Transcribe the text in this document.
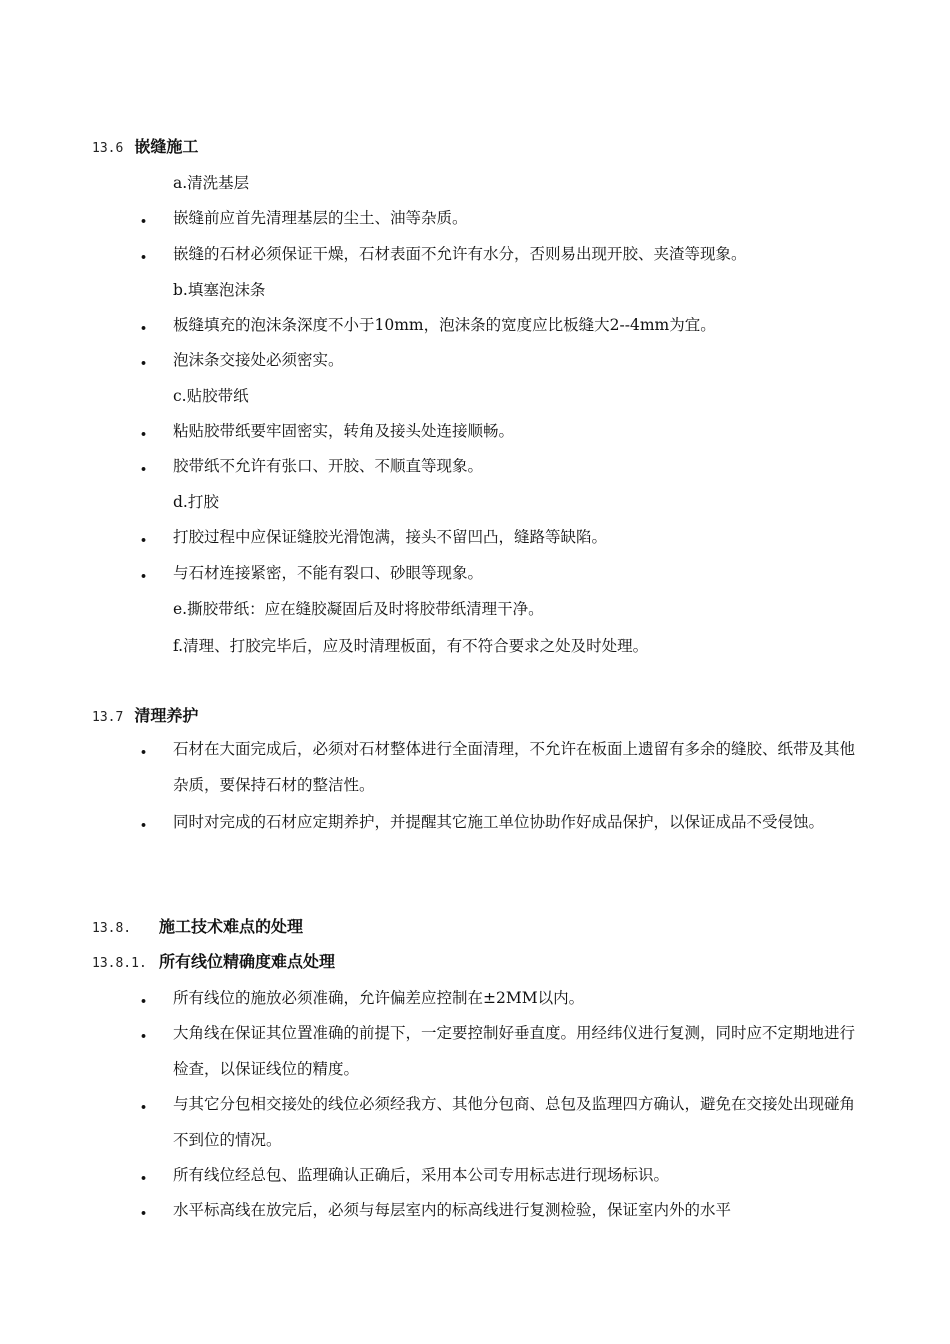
13.6 嵌缝施工
a.清洗基层
• 嵌缝前应首先清理基层的尘土、油等杂质。
• 嵌缝的石材必须保证干燥，石材表面不允许有水分，否则易出现开胶、夹渣等现象。
b.填塞泡沫条
• 板缝填充的泡沫条深度不小于10mm，泡沫条的宽度应比板缝大2--4mm为宜。
• 泡沫条交接处必须密实。
c.贴胶带纸
• 粘贴胶带纸要牢固密实，转角及接头处连接顺畅。
• 胶带纸不允许有张口、开胶、不顺直等现象。
d.打胶
• 打胶过程中应保证缝胶光滑饱满，接头不留凹凸，缝路等缺陷。
• 与石材连接紧密，不能有裂口、砂眼等现象。
e.撕胶带纸：应在缝胶凝固后及时将胶带纸清理干净。
f.清理、打胶完毕后，应及时清理板面，有不符合要求之处及时处理。
13.7 清理养护
• 石材在大面完成后，必须对石材整体进行全面清理，不允许在板面上遗留有多余的缝胶、纸带及其他杂质，要保持石材的整洁性。
• 同时对完成的石材应定期养护，并提醒其它施工单位协助作好成品保护，以保证成品不受侵蚀。
13.8. 施工技术难点的处理
13.8.1. 所有线位精确度难点处理
• 所有线位的施放必须准确，允许偏差应控制在±2MM以内。
• 大角线在保证其位置准确的前提下，一定要控制好垂直度。用经纬仪进行复测，同时应不定期地进行检查，以保证线位的精度。
• 与其它分包相交接处的线位必须经我方、其他分包商、总包及监理四方确认，避免在交接处出现碰角不到位的情况。
• 所有线位经总包、监理确认正确后，采用本公司专用标志进行现场标识。
• 水平标高线在放完后，必须与每层室内的标高线进行复测检验，保证室内外的水平
